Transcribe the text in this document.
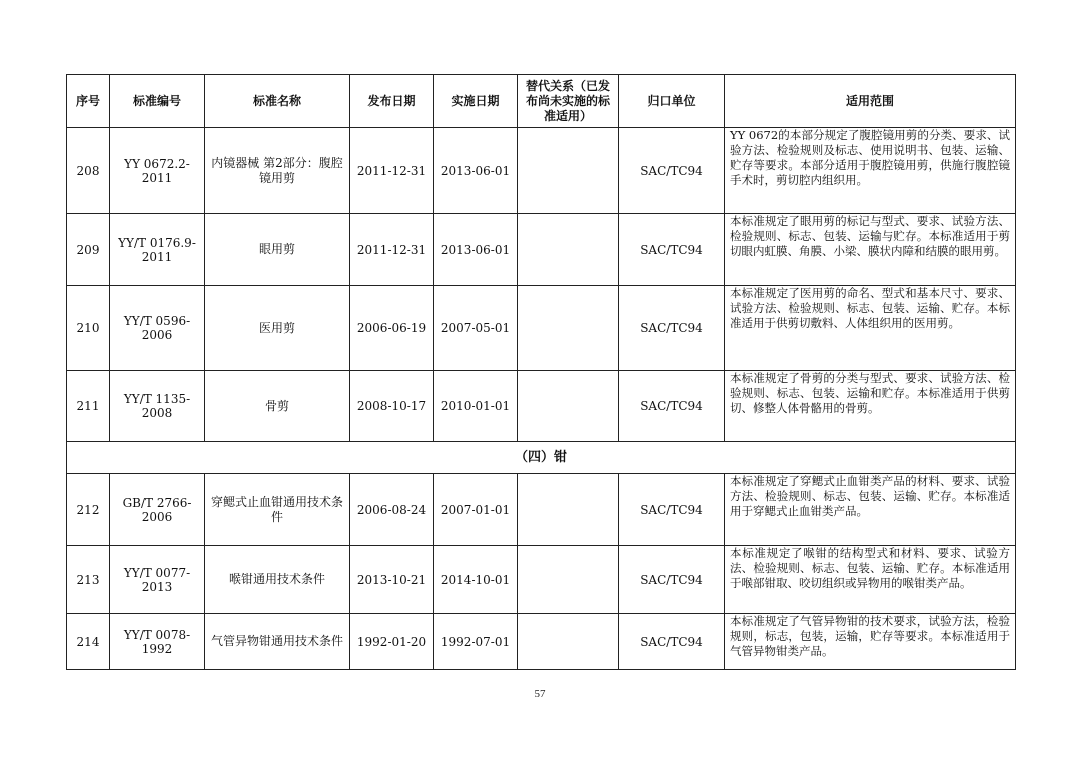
序号	标准编号	标准名称	发布日期	实施日期	替代关系（已发布尚未实施的标准适用）	归口单位	适用范围
208	YY 0672.2-2011	内镜器械 第2部分：腹腔镜用剪	2011-12-31	2013-06-01		SAC/TC94	YY 0672的本部分规定了腹腔镜用剪的分类、要求、试验方法、检验规则及标志、使用说明书、包装、运输、贮存等要求。本部分适用于腹腔镜用剪，供施行腹腔镜手术时，剪切腔内组织用。
209	YY/T 0176.9-2011	眼用剪	2011-12-31	2013-06-01		SAC/TC94	本标准规定了眼用剪的标记与型式、要求、试验方法、检验规则、标志、包装、运输与贮存。本标准适用于剪切眼内虹膜、角膜、小梁、膜状内障和结膜的眼用剪。
210	YY/T 0596-2006	医用剪	2006-06-19	2007-05-01		SAC/TC94	本标准规定了医用剪的命名、型式和基本尺寸、要求、试验方法、检验规则、标志、包装、运输、贮存。本标准适用于供剪切敷料、人体组织用的医用剪。
211	YY/T 1135-2008	骨剪	2008-10-17	2010-01-01		SAC/TC94	本标准规定了骨剪的分类与型式、要求、试验方法、检验规则、标志、包装、运输和贮存。本标准适用于供剪切、修整人体骨骼用的骨剪。
（四）钳							
212	GB/T 2766-2006	穿鳃式止血钳通用技术条件	2006-08-24	2007-01-01		SAC/TC94	本标准规定了穿鳃式止血钳类产品的材料、要求、试验方法、检验规则、标志、包装、运输、贮存。本标准适用于穿鳃式止血钳类产品。
213	YY/T 0077-2013	喉钳通用技术条件	2013-10-21	2014-10-01		SAC/TC94	本标准规定了喉钳的结构型式和材料、要求、试验方法、检验规则、标志、包装、运输、贮存。本标准适用于喉部钳取、咬切组织或异物用的喉钳类产品。
214	YY/T 0078-1992	气管异物钳通用技术条件	1992-01-20	1992-07-01		SAC/TC94	本标准规定了气管异物钳的技术要求，试验方法，检验规则，标志，包装，运输，贮存等要求。本标准适用于气管异物钳类产品。
57
